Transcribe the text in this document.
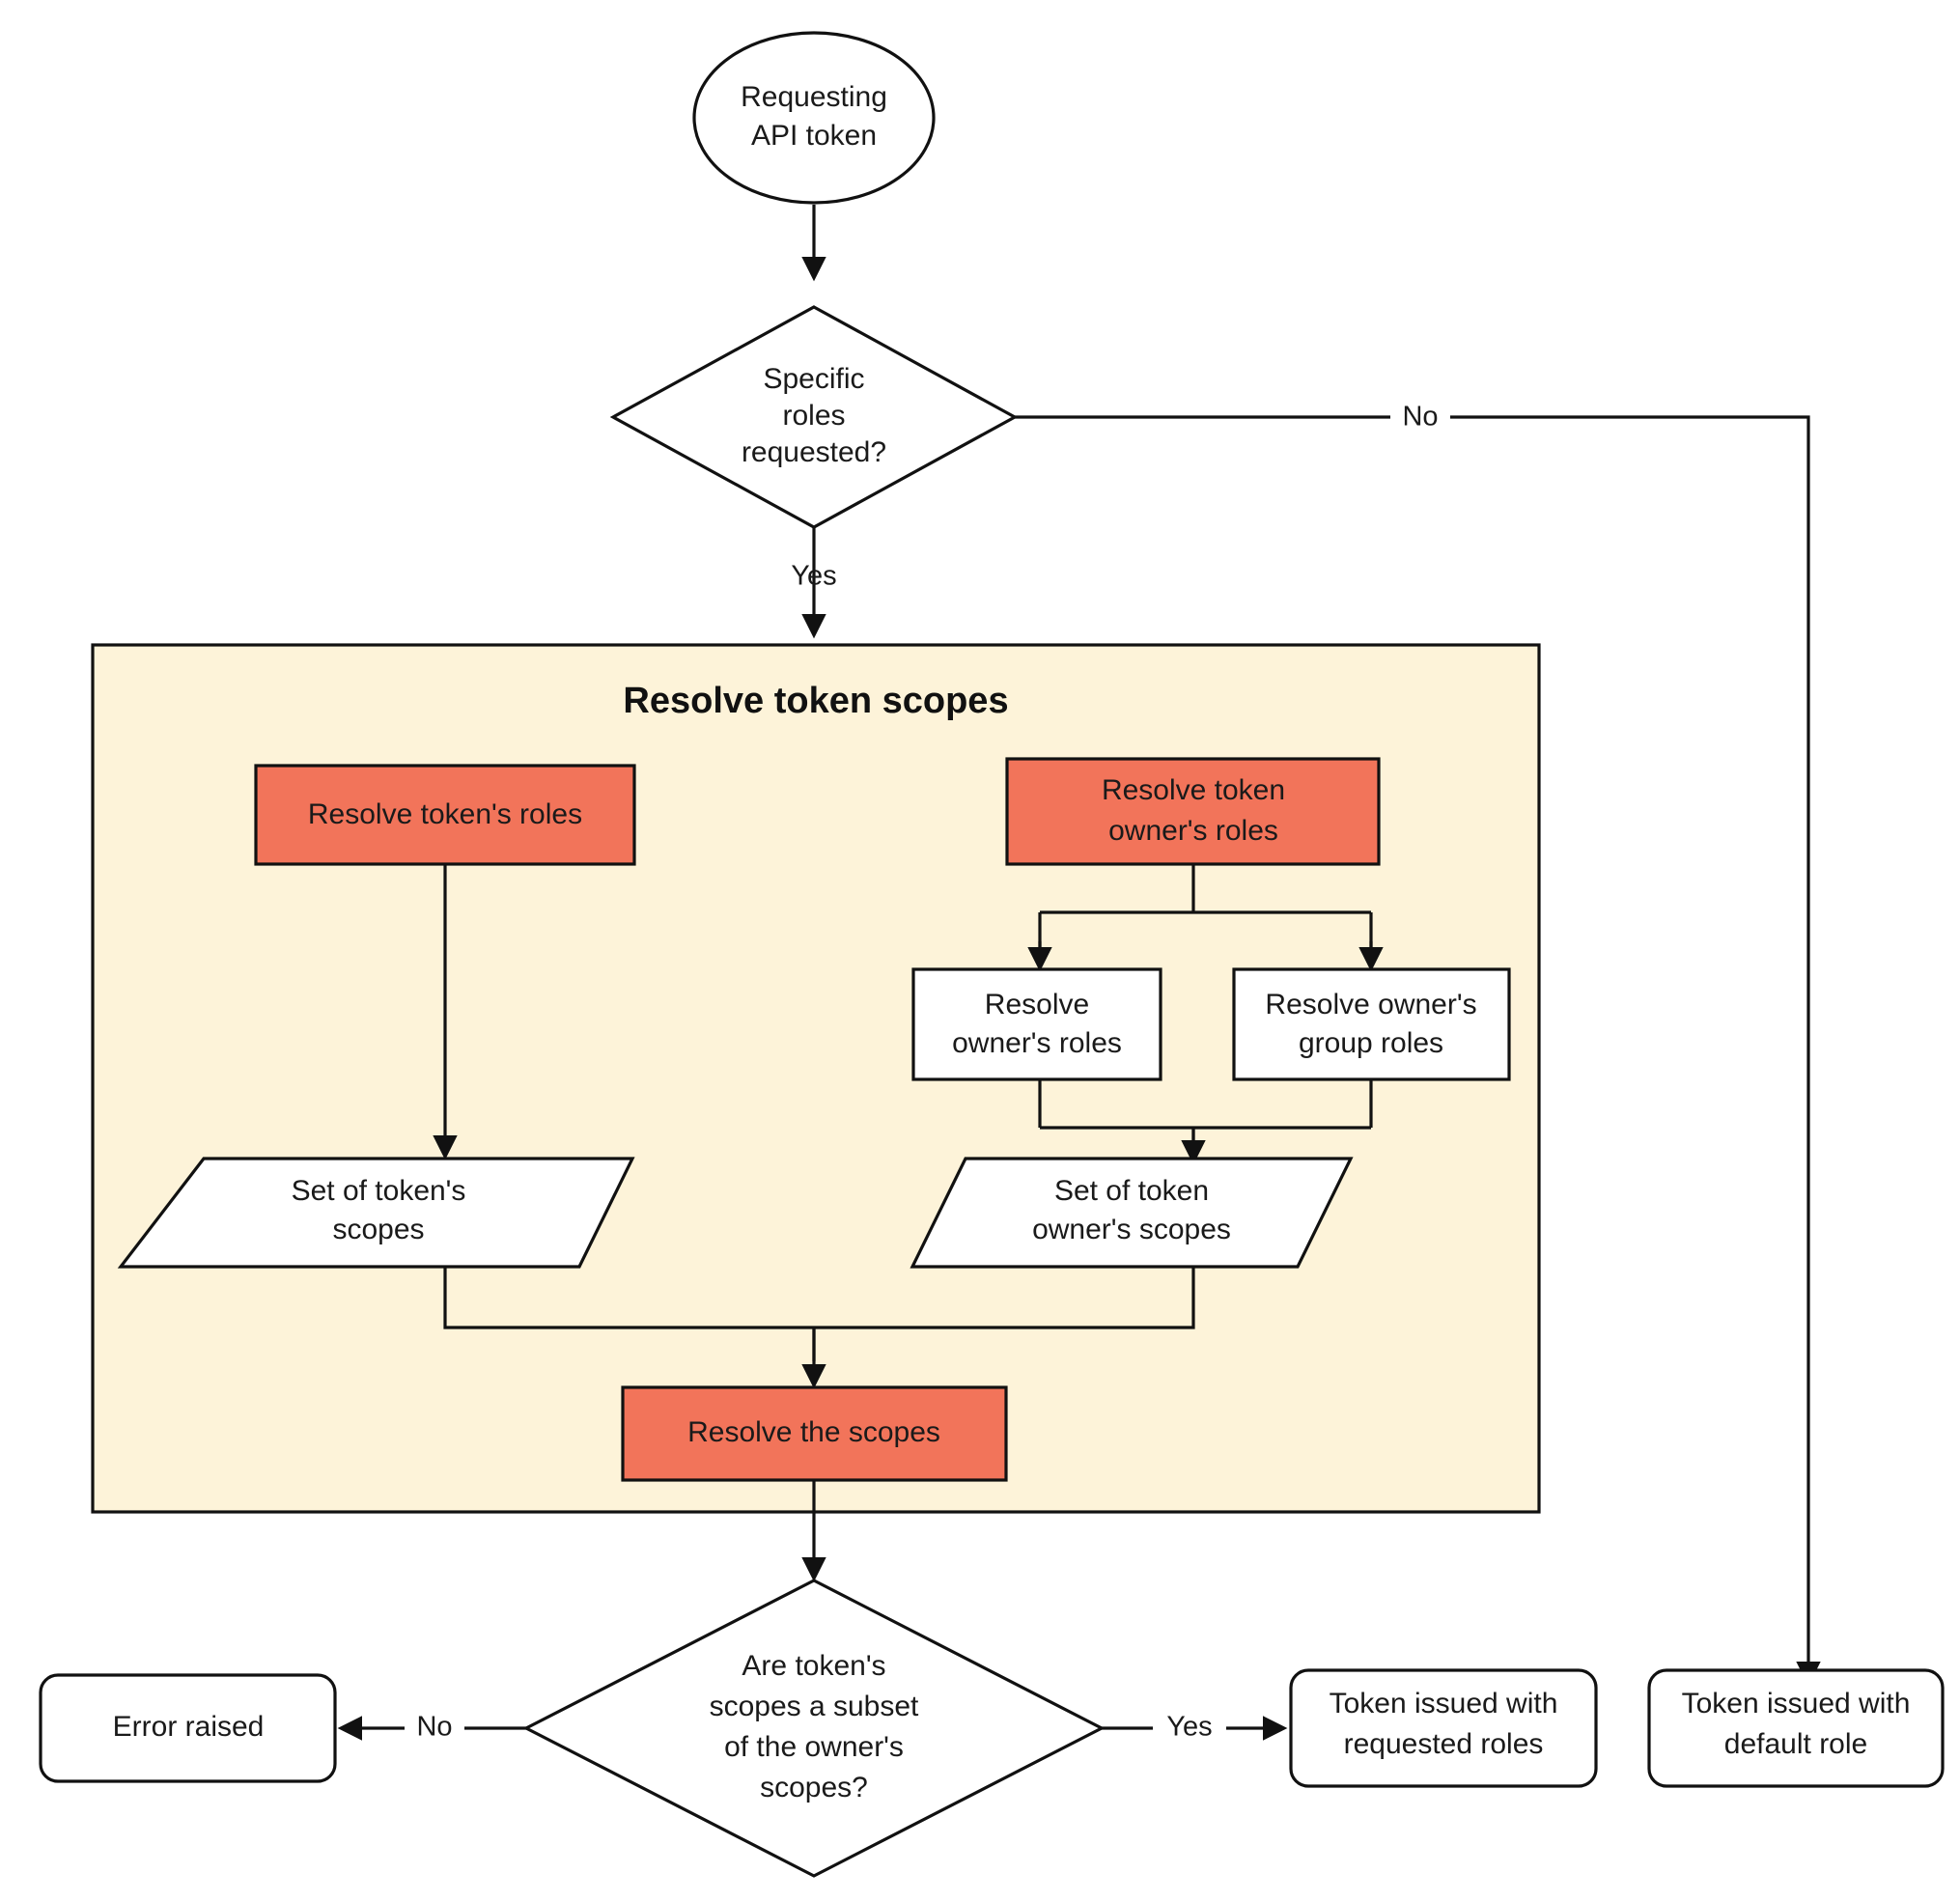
Resolve token scopes
Requesting
API token
Specific
roles
requested?
No
Yes
Resolve token's roles
Resolve token
owner's roles
Resolve
owner's roles
Resolve owner's
group roles
Set of token's
scopes
Set of token
owner's scopes
Resolve the scopes
Are token's
scopes a subset
of the owner's
scopes?
No	Yes
Error raised
Token issued with
requested roles
Token issued with
default role
